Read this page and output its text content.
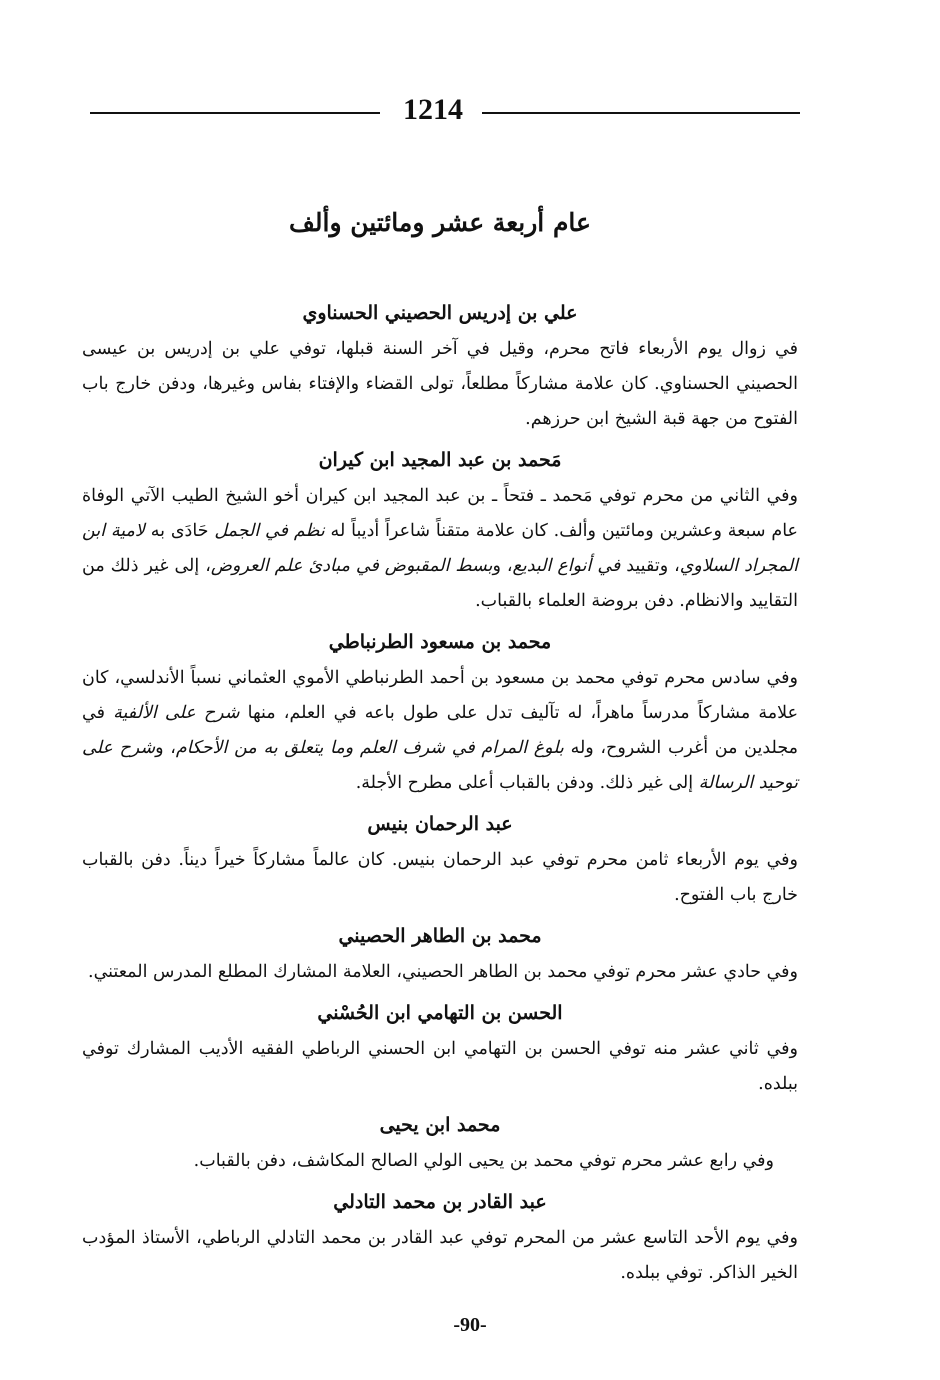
1214
عام أربعة عشر ومائتين وألف
علي بن إدريس الحصيني الحسناوي

في زوال يوم الأربعاء فاتح محرم، وقيل في آخر السنة قبلها، توفي علي بن إدريس بن عيسى الحصيني الحسناوي. كان علامة مشاركاً مطلعاً، تولى القضاء والإفتاء بفاس وغيرها، ودفن خارج باب الفتوح من جهة قبة الشيخ ابن حرزهم.

مَحمد بن عبد المجيد ابن كيران

وفي الثاني من محرم توفي مَحمد ـ فتحاً ـ بن عبد المجيد ابن كيران أخو الشيخ الطيب الآتي الوفاة عام سبعة وعشرين ومائتين وألف. كان علامة متقناً شاعراً أديباً له نظم في الجمل حَادَى به لامية ابن المجراد السلاوي، وتقييد في أنواع البديع، وبسط المقبوض في مبادئ علم العروض، إلى غير ذلك من التقاييد والانظام. دفن بروضة العلماء بالقباب.

محمد بن مسعود الطرنباطي

وفي سادس محرم توفي محمد بن مسعود بن أحمد الطرنباطي الأموي العثماني نسباً الأندلسي، كان علامة مشاركاً مدرساً ماهراً، له تآليف تدل على طول باعه في العلم، منها شرح على الألفية في مجلدين من أغرب الشروح، وله بلوغ المرام في شرف العلم وما يتعلق به من الأحكام، وشرح على توحيد الرسالة إلى غير ذلك. ودفن بالقباب أعلى مطرح الأجلة.

عبد الرحمان بنيس

وفي يوم الأربعاء ثامن محرم توفي عبد الرحمان بنيس. كان عالماً مشاركاً خيراً ديناً. دفن بالقباب خارج باب الفتوح.

محمد بن الطاهر الحصيني

وفي حادي عشر محرم توفي محمد بن الطاهر الحصيني، العلامة المشارك المطلع المدرس المعتني.

الحسن بن التهامي ابن الحُسْني

وفي ثاني عشر منه توفي الحسن بن التهامي ابن الحسني الرباطي الفقيه الأديب المشارك توفي ببلده.

محمد ابن يحيى

وفي رابع عشر محرم توفي محمد بن يحيى الولي الصالح المكاشف، دفن بالقباب.

عبد القادر بن محمد التادلي

وفي يوم الأحد التاسع عشر من المحرم توفي عبد القادر بن محمد التادلي الرباطي، الأستاذ المؤدب الخير الذاكر. توفي ببلده.

-90-
